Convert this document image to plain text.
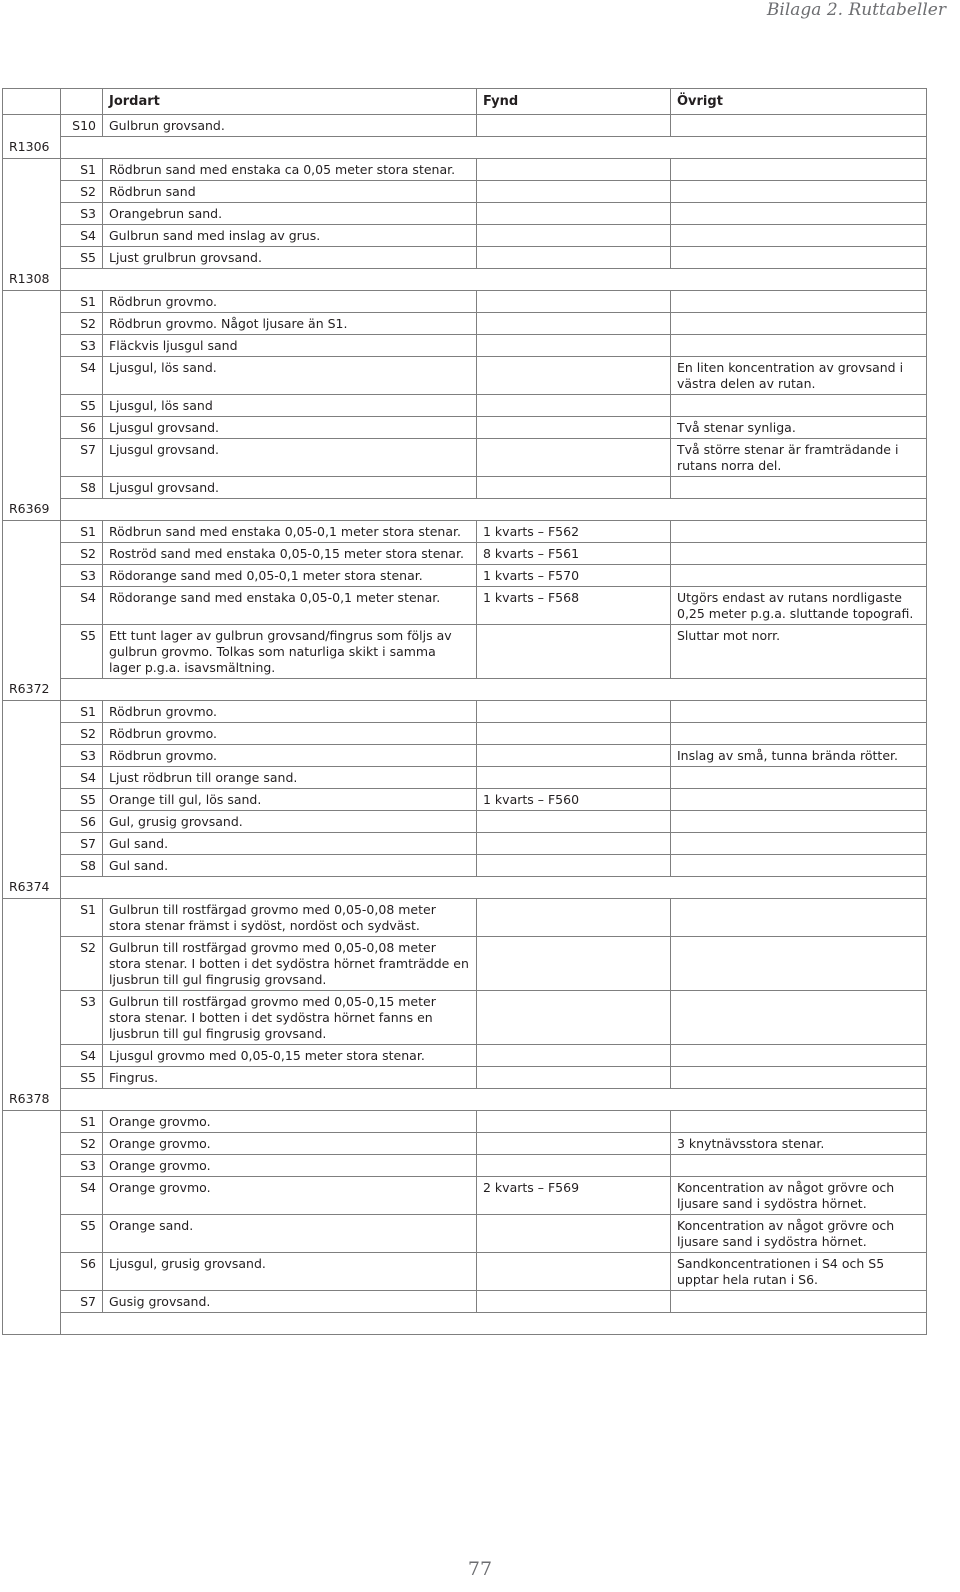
Bilaga 2. Ruttabeller
		Jordart	Fynd	Övrigt
	S10	Gulbrun grovsand.		
R1306				
	S1	Rödbrun sand med enstaka ca 0,05 meter stora stenar.		
	S2	Rödbrun sand		
	S3	Orangebrun sand.		
	S4	Gulbrun sand med inslag av grus.		
	S5	Ljust grulbrun grovsand.		
R1308				
	S1	Rödbrun grovmo.		
	S2	Rödbrun grovmo. Något ljusare än S1.		
	S3	Fläckvis ljusgul sand		
	S4	Ljusgul, lös sand.		En liten koncentration av grovsand i västra delen av rutan.
	S5	Ljusgul, lös sand		
	S6	Ljusgul grovsand.		Två stenar synliga.
	S7	Ljusgul grovsand.		Två större stenar är framträdande i rutans norra del.
	S8	Ljusgul grovsand.		
R6369				
	S1	Rödbrun sand med enstaka 0,05-0,1 meter stora stenar.	1 kvarts – F562	
	S2	Roströd sand med enstaka 0,05-0,15 meter stora stenar.	8 kvarts – F561	
	S3	Rödorange sand med 0,05-0,1 meter stora stenar.	1 kvarts – F570	
	S4	Rödorange sand med enstaka 0,05-0,1 meter stenar.	1 kvarts – F568	Utgörs endast av rutans nordligaste 0,25 meter p.g.a. sluttande topografi.
	S5	Ett tunt lager av gulbrun grovsand/fingrus som följs av gulbrun grovmo. Tolkas som naturliga skikt i samma lager p.g.a. isavsmältning.		Sluttar mot norr.
R6372				
	S1	Rödbrun grovmo.		
	S2	Rödbrun grovmo.		
	S3	Rödbrun grovmo.		Inslag av små, tunna brända rötter.
	S4	Ljust rödbrun till orange sand.		
	S5	Orange till gul, lös sand.	1 kvarts – F560	
	S6	Gul, grusig grovsand.		
	S7	Gul sand.		
	S8	Gul sand.		
R6374				
	S1	Gulbrun till rostfärgad grovmo med 0,05-0,08 meter stora stenar främst i sydöst, nordöst och sydväst.		
	S2	Gulbrun till rostfärgad grovmo med 0,05-0,08 meter stora stenar. I botten i det sydöstra hörnet framträdde en ljusbrun till gul fingrusig grovsand.		
	S3	Gulbrun till rostfärgad grovmo med 0,05-0,15 meter stora stenar. I botten i det sydöstra hörnet fanns en ljusbrun till gul fingrusig grovsand.		
	S4	Ljusgul grovmo med 0,05-0,15 meter stora stenar.		
	S5	Fingrus.		
R6378				
	S1	Orange grovmo.		
	S2	Orange grovmo.		3 knytnävsstora stenar.
	S3	Orange grovmo.		
	S4	Orange grovmo.	2 kvarts – F569	Koncentration av något grövre och ljusare sand i sydöstra hörnet.
	S5	Orange sand.		Koncentration av något grövre och ljusare sand i sydöstra hörnet.
	S6	Ljusgul, grusig grovsand.		Sandkoncentrationen i S4 och S5 upptar hela rutan i S6.
	S7	Gusig grovsand.		

77
